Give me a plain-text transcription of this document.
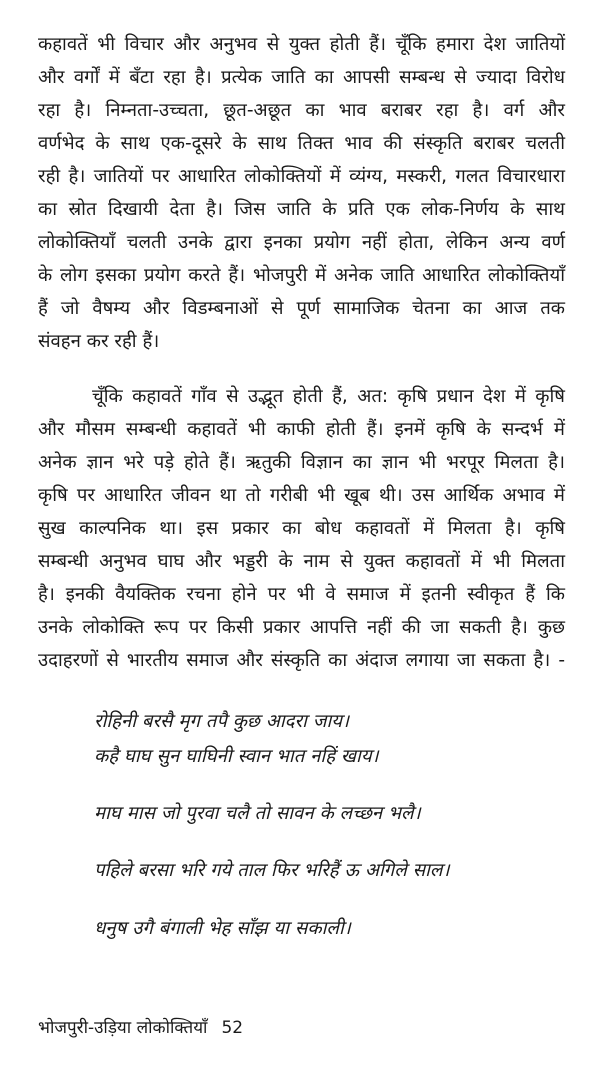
कहावतें भी विचार और अनुभव से युक्त होती हैं। चूँकि हमारा देश जातियों
और वर्गों में बँटा रहा है। प्रत्येक जाति का आपसी सम्बन्ध से ज्यादा विरोध
रहा है। निम्नता-उच्चता, छूत-अछूत का भाव बराबर रहा है। वर्ग और
वर्णभेद के साथ एक-दूसरे के साथ तिक्त भाव की संस्कृति बराबर चलती
रही है। जातियों पर आधारित लोकोक्तियों में व्यंग्य, मस्करी, गलत विचारधारा
का स्रोत दिखायी देता है। जिस जाति के प्रति एक लोक-निर्णय के साथ
लोकोक्तियाँ चलती उनके द्वारा इनका प्रयोग नहीं होता, लेकिन अन्य वर्ण
के लोग इसका प्रयोग करते हैं। भोजपुरी में अनेक जाति आधारित लोकोक्तियाँ
हैं जो वैषम्य और विडम्बनाओं से पूर्ण सामाजिक चेतना का आज तक
संवहन कर रही हैं।
चूँकि कहावतें गाँव से उद्भूत होती हैं, अत: कृषि प्रधान देश में कृषि
और मौसम सम्बन्धी कहावतें भी काफी होती हैं। इनमें कृषि के सन्दर्भ में
अनेक ज्ञान भरे पड़े होते हैं। ऋतुकी विज्ञान का ज्ञान भी भरपूर मिलता है।
कृषि पर आधारित जीवन था तो गरीबी भी खूब थी। उस आर्थिक अभाव में
सुख काल्पनिक था। इस प्रकार का बोध कहावतों में मिलता है। कृषि
सम्बन्धी अनुभव घाघ और भड्डरी के नाम से युक्त कहावतों में भी मिलता
है। इनकी वैयक्तिक रचना होने पर भी वे समाज में इतनी स्वीकृत हैं कि
उनके लोकोक्ति रूप पर किसी प्रकार आपत्ति नहीं की जा सकती है। कुछ
उदाहरणों से भारतीय समाज और संस्कृति का अंदाज लगाया जा सकता है। -
रोहिनी बरसै मृग तपै कुछ आदरा जाय।
कहै घाघ सुन घाघिनी स्वान भात नहिं खाय।
माघ मास जो पुरवा चलै तो सावन के लच्छन भलै।
पहिले बरसा भरि गये ताल फिर भरिहैं ऊ अगिले साल।
धनुष उगै बंगाली भेह साँझ या सकाली।
भोजपुरी-उड़िया लोकोक्तियाँ 52
